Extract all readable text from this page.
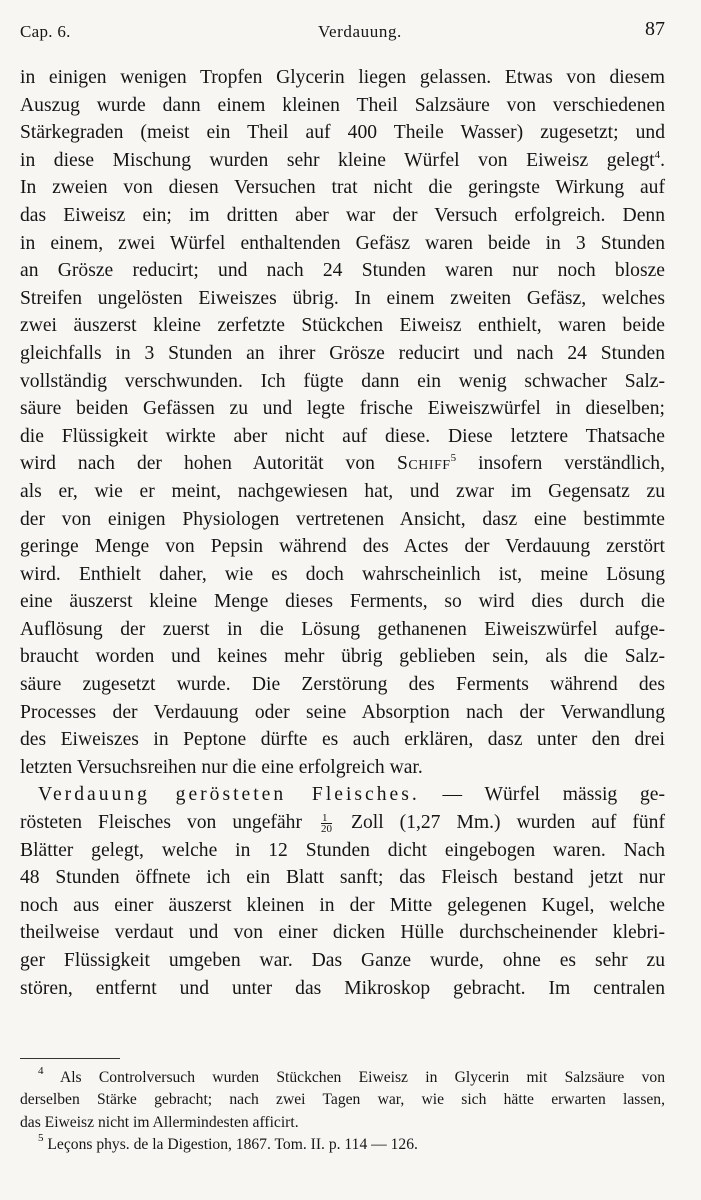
Cap. 6.	Verdauung.	87
in einigen wenigen Tropfen Glycerin liegen gelassen. Etwas von diesem
Auszug wurde dann einem kleinen Theil Salzsäure von verschiedenen
Stärkegraden (meist ein Theil auf 400 Theile Wasser) zugesetzt; und
in diese Mischung wurden sehr kleine Würfel von Eiweisz gelegt$^4$.
In zweien von diesen Versuchen trat nicht die geringste Wirkung auf
das Eiweisz ein; im dritten aber war der Versuch erfolgreich. Denn
in einem, zwei Würfel enthaltenden Gefäsz waren beide in 3 Stunden
an Grösze reducirt; und nach 24 Stunden waren nur noch blosze
Streifen ungelösten Eiweiszes übrig. In einem zweiten Gefäsz, welches
zwei äuszerst kleine zerfetzte Stückchen Eiweisz enthielt, waren beide
gleichfalls in 3 Stunden an ihrer Grösze reducirt und nach 24 Stunden
vollständig verschwunden. Ich fügte dann ein wenig schwacher Salz-
säure beiden Gefässen zu und legte frische Eiweiszwürfel in dieselben;
die Flüssigkeit wirkte aber nicht auf diese. Diese letztere Thatsache
wird nach der hohen Autorität von Schiff$^5$ insofern verständlich,
als er, wie er meint, nachgewiesen hat, und zwar im Gegensatz zu
der von einigen Physiologen vertretenen Ansicht, dasz eine bestimmte
geringe Menge von Pepsin während des Actes der Verdauung zerstört
wird. Enthielt daher, wie es doch wahrscheinlich ist, meine Lösung
eine äuszerst kleine Menge dieses Ferments, so wird dies durch die
Auflösung der zuerst in die Lösung gethanenen Eiweiszwürfel aufge-
braucht worden und keines mehr übrig geblieben sein, als die Salz-
säure zugesetzt wurde. Die Zerstörung des Ferments während des
Processes der Verdauung oder seine Absorption nach der Verwandlung
des Eiweiszes in Peptone dürfte es auch erklären, dasz unter den drei
letzten Versuchsreihen nur die eine erfolgreich war.
Verdauung gerösteten Fleisches. — Würfel mässig ge-
rösteten Fleisches von ungefähr $\frac{1}{20}$ Zoll (1,27 Mm.) wurden auf fünf
Blätter gelegt, welche in 12 Stunden dicht eingebogen waren. Nach
48 Stunden öffnete ich ein Blatt sanft; das Fleisch bestand jetzt nur
noch aus einer äuszerst kleinen in der Mitte gelegenen Kugel, welche
theilweise verdaut und von einer dicken Hülle durchscheinender klebri-
ger Flüssigkeit umgeben war. Das Ganze wurde, ohne es sehr zu
stören, entfernt und unter das Mikroskop gebracht. Im centralen
$^4$ Als Controlversuch wurden Stückchen Eiweisz in Glycerin mit Salzsäure von
derselben Stärke gebracht; nach zwei Tagen war, wie sich hätte erwarten lassen,
das Eiweisz nicht im Allermindesten afficirt.
$^5$ Leçons phys. de la Digestion, 1867. Tom. II. p. 114 — 126.
